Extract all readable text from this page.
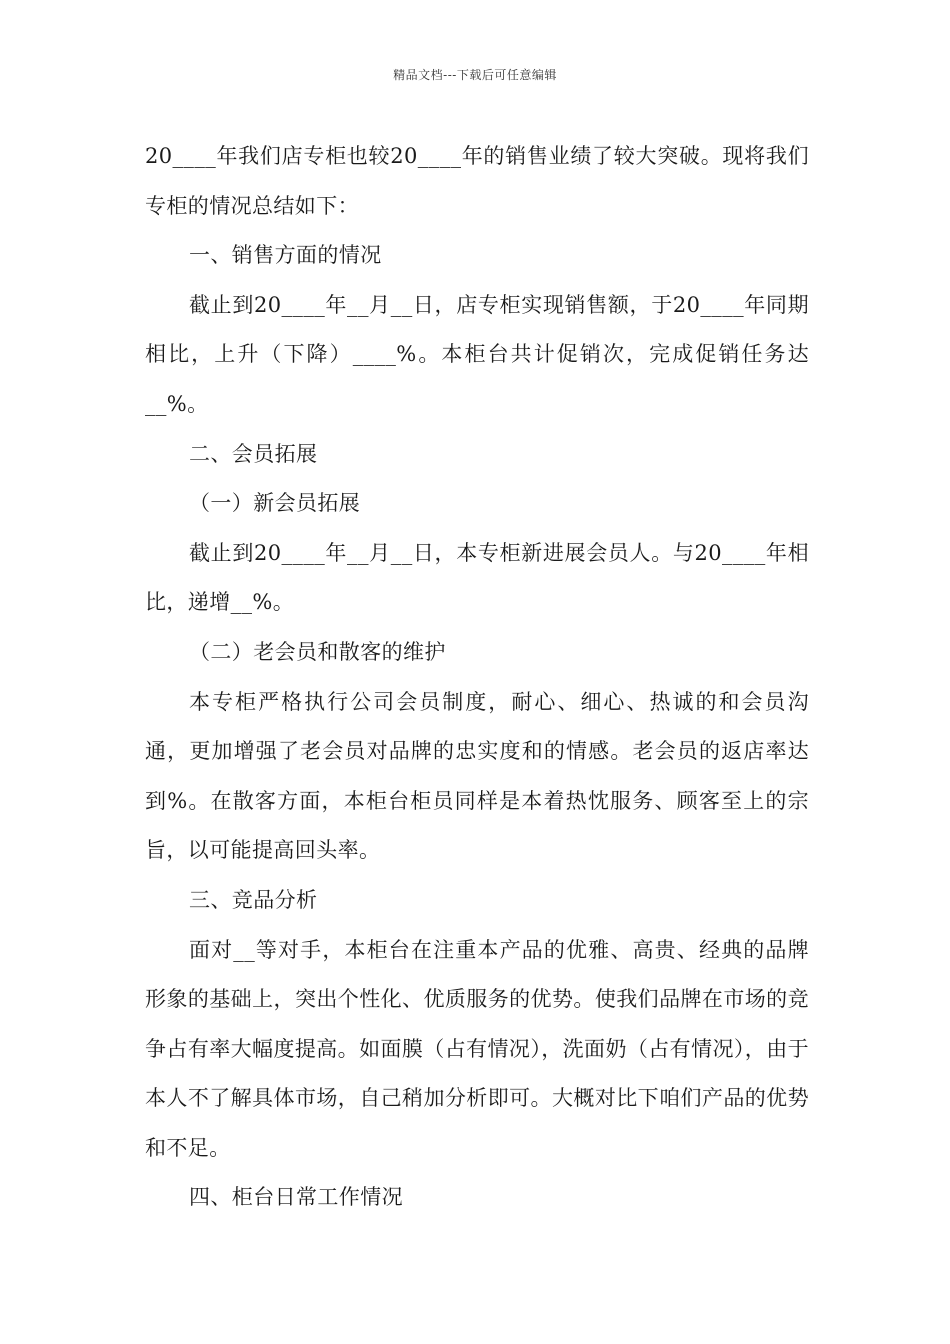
精品文档---下载后可任意编辑

20____年我们店专柜也较20____年的销售业绩了较大突破。现将我们专柜的情况总结如下：

一、销售方面的情况

截止到20____年__月__日，店专柜实现销售额，于20____年同期相比，上升（下降）____%。本柜台共计促销次，完成促销任务达__%。

二、会员拓展

（一）新会员拓展

截止到20____年__月__日，本专柜新进展会员人。与20____年相比，递增__%。

（二）老会员和散客的维护

本专柜严格执行公司会员制度，耐心、细心、热诚的和会员沟通，更加增强了老会员对品牌的忠实度和的情感。老会员的返店率达到%。在散客方面，本柜台柜员同样是本着热忱服务、顾客至上的宗旨，以可能提高回头率。

三、竞品分析

面对__等对手，本柜台在注重本产品的优雅、高贵、经典的品牌形象的基础上，突出个性化、优质服务的优势。使我们品牌在市场的竞争占有率大幅度提高。如面膜（占有情况），洗面奶（占有情况），由于本人不了解具体市场，自己稍加分析即可。大概对比下咱们产品的优势和不足。

四、柜台日常工作情况
